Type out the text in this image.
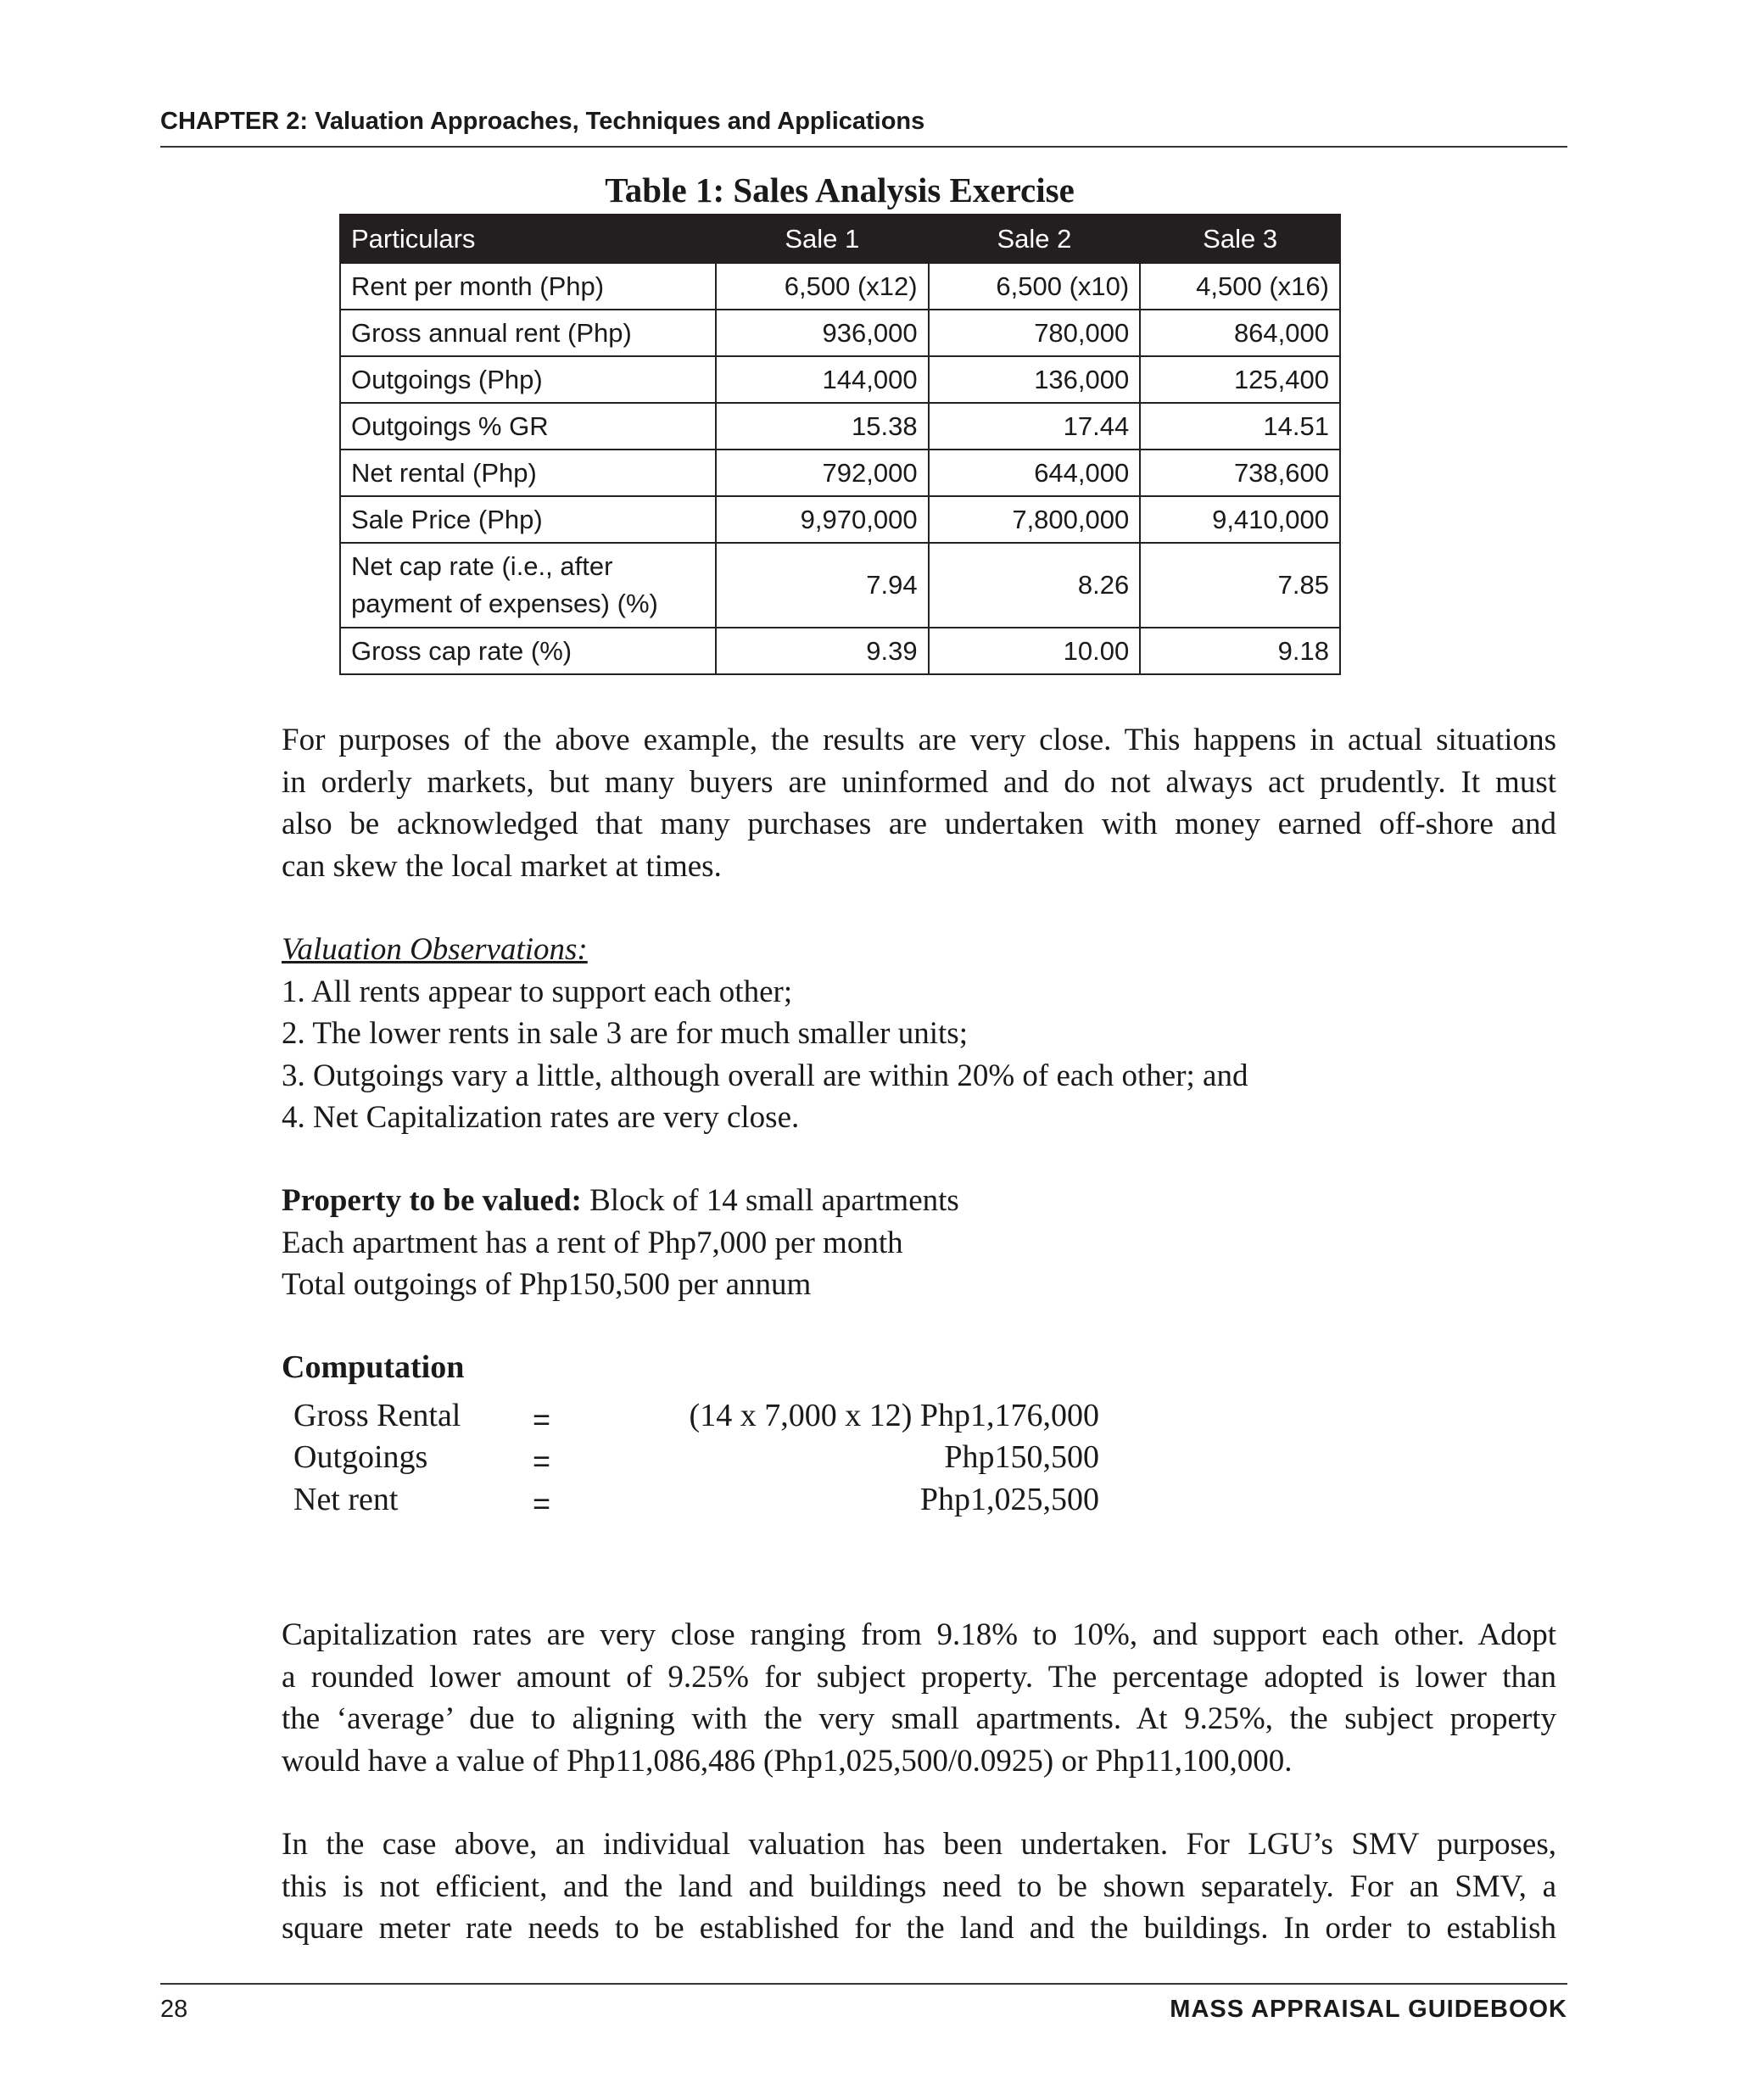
CHAPTER 2: Valuation Approaches, Techniques and Applications
Table 1: Sales Analysis Exercise
Particulars	Sale 1	Sale 2	Sale 3
Rent per month (Php)	6,500 (x12)	6,500 (x10)	4,500 (x16)
Gross annual rent (Php)	936,000	780,000	864,000
Outgoings (Php)	144,000	136,000	125,400
Outgoings % GR	15.38	17.44	14.51
Net rental (Php)	792,000	644,000	738,600
Sale Price (Php)	9,970,000	7,800,000	9,410,000

Net cap rate (i.e., after
payment of expenses) (%)	7.94	8.26	7.85
Gross cap rate (%)	9.39	10.00	9.18
For purposes of the above example, the results are very close. This happens in actual situations
in orderly markets, but many buyers are uninformed and do not always act prudently. It must
also be acknowledged that many purchases are undertaken with money earned off-shore and
can skew the local market at times.
Valuation Observations:
1. All rents appear to support each other;
2. The lower rents in sale 3 are for much smaller units;
3. Outgoings vary a little, although overall are within 20% of each other; and
4. Net Capitalization rates are very close.
Property to be valued: Block of 14 small apartments
Each apartment has a rent of Php7,000 per month
Total outgoings of Php150,500 per annum
Computation
Gross Rental =	(14 x 7,000 x 12) Php1,176,000
Outgoings	=	Php150,500
Net rent	=	Php1,025,500
Capitalization rates are very close ranging from 9.18% to 10%, and support each other. Adopt
a rounded lower amount of 9.25% for subject property. The percentage adopted is lower than
the ‘average’ due to aligning with the very small apartments. At 9.25%, the subject property
would have a value of Php11,086,486 (Php1,025,500/0.0925) or Php11,100,000.
In the case above, an individual valuation has been undertaken. For LGU’s SMV purposes,
this is not efficient, and the land and buildings need to be shown separately. For an SMV, a
square meter rate needs to be established for the land and the buildings. In order to establish
28	MASS APPRAISAL GUIDEBOOK
